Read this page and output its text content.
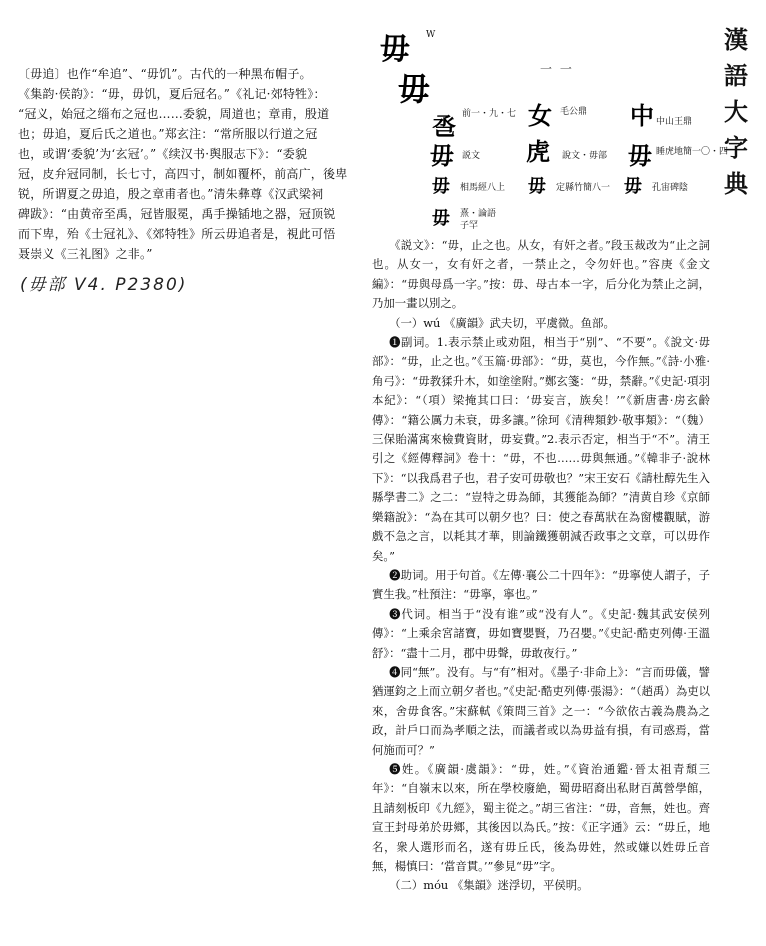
〔毋追〕也作“牟追”、“毋饥”。古代的一种黑布帽子。

《集韵·侯韵》：“毋，毋饥，夏后冠名。”《礼记·郊特牲》：

“冠义，始冠之缁布之冠也……委貌，周道也；章甫，殷道

也；毋追，夏后氏之道也。”郑玄注：“常所服以行道之冠

也，或谓‘委貌’为‘玄冠’。”《续汉书·舆服志下》：“委貌

冠，皮弁冠同制，长七寸，高四寸，制如覆杯，前高广，後卑

锐，所谓夏之毋追，殷之章甫者也。”清朱彝尊《汉武梁祠

碑跋》：“由黄帝至禹，冠皆服冕，禹手操锸地之器，冠顶锐

而下卑，殆《士冠礼》、《郊特牲》所云毋追者是，視此可悟

聂崇义《三礼图》之非。”

(毋部 V4. P2380)
毋 W
毋
一 一
漢
語
大
字
典
𢀷 前一・九・七 女 毛公鼎 中 中山王鼎
毋 説文 虎 說文・毋部 毋 睡虎地簡一〇・四
毋 相馬經八上 毋 定縣竹簡八一 毋 孔宙碑陰
毋 熹・論語
子罕

《説文》：“毋，止之也。从女，有奸之者。”段玉裁改为“止之詞也。从女一，女有奸之者，一禁止之，令勿奸也。”容庚《金文編》：“毋與母爲一字。”按：毋、母古本一字，后分化为禁止之詞，乃加一畫以別之。

（一）wú 《廣韻》武夫切，平虞微。鱼部。

❶副词。1.表示禁止或劝阻，相当于“别”、“不要”。《說文·毋部》：“毋，止之也。”《玉篇·毋部》：“毋，莫也，今作無。”《詩·小雅·角弓》：“毋教猱升木，如塗塗附。”鄭玄箋：“毋，禁辭。”《史記·項羽本紀》：“（項）梁掩其口曰：‘毋妄言，族矣！’”《新唐書·房玄齡傳》：“籍公厲力未衰，毋多讓。”徐珂《清稗類鈔·敬事類》：“（魏）三保貽滿寓來檢費資財，毋妄費。”2.表示否定，相当于“不”。清王引之《經傳釋詞》卷十：“毋，不也……毋與無通。”《韓非子·說林下》：“以我爲君子也，君子安可毋敬也？”宋王安石《請杜醇先生入縣學書二》之二：“豈特之毋為師，其獲能為師？”清黄自珍《京師樂籍說》：“為在其可以朝夕也？曰：使之春萬狀在為窗樓觀賦，游戲不急之言，以耗其才華，則論鐵獲朝減否政事之文章，可以毋作矣。”

❷助词。用于句首。《左傳·襄公二十四年》：“毋寧使人謂子，子實生我。”杜預注：“毋寧，寧也。”

❸代词。相当于“没有谁”或“没有人”。《史記·魏其武安侯列傳》：“上乘余宮諸寶，毋如寶嬰賢，乃召嬰。”《史記·酷吏列傳·王溫舒》：“盡十二月，郡中毋聲，毋敢夜行。”

❹同“無”。没有。与“有”相对。《墨子·非命上》：“言而毋儀，譬猶運鈞之上而立朝夕者也。”《史記·酷吏列傳·張湯》：“（趙禹）為吏以來，舍毋食客。”宋蘇軾《策問三首》之一：“今欲依古義為農為之政，計戶口而為孝順之法，而議者或以為毋益有損，有司惑焉，當何施而可？”

❺姓。《廣韻·虞韻》：“毋，姓。”《資治通鑑·晉太祖青頹三年》：“自嶺末以來，所在學校廢絶，蜀毋昭裔出私財百萬營學館，且請刻板印《九經》，蜀主從之。”胡三省注：“毋，音無，姓也。齊宣王封母弟於毋鄉，其後因以為氏。”按：《正字通》云：“毋丘，地名，衆人選形而名，遂有毋丘氏，後為毋姓，然或嫌以姓毋丘音無，楊慎曰：‘當音貫。’”參見“毋”字。

（二）móu 《集韻》迷浮切，平侯明。
